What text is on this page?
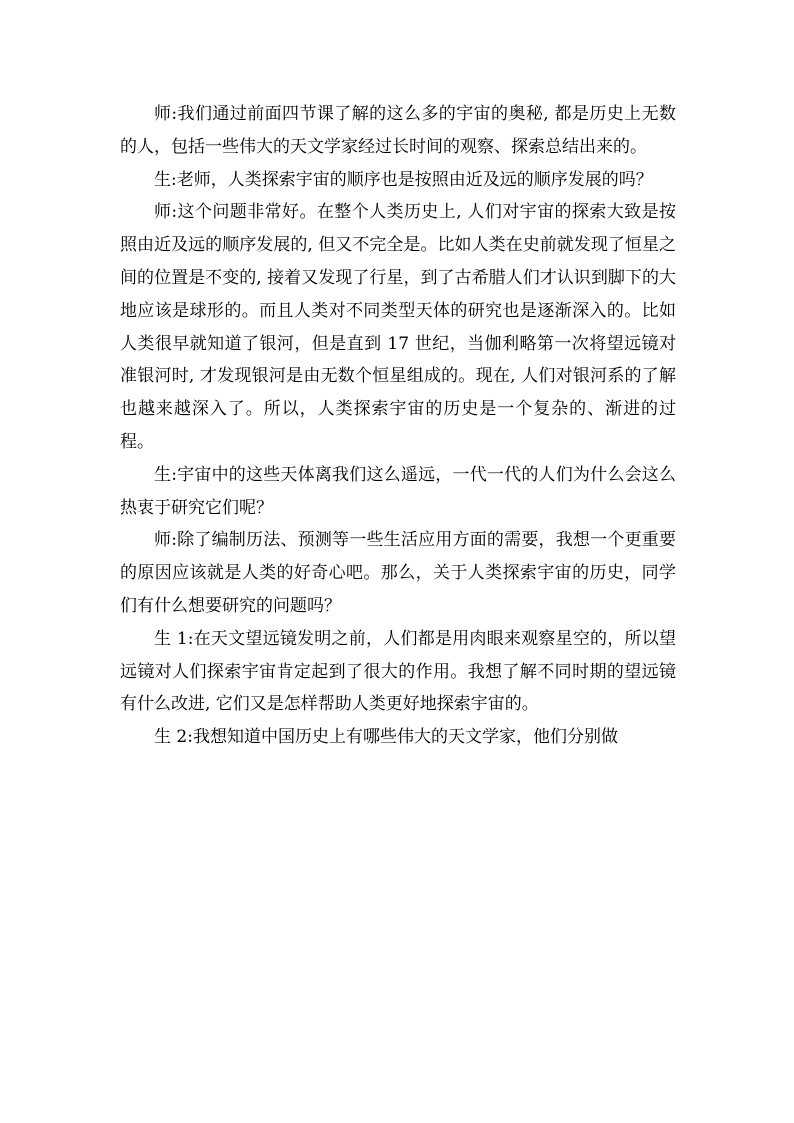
师:我们通过前面四节课了解的这么多的宇宙的奥秘, 都是历史上无数的人，包括一些伟大的天文学家经过长时间的观察、探索总结出来的。

生:老师，人类探索宇宙的顺序也是按照由近及远的顺序发展的吗？

师:这个问题非常好。在整个人类历史上, 人们对宇宙的探索大致是按照由近及远的顺序发展的, 但又不完全是。比如人类在史前就发现了恒星之间的位置是不变的, 接着又发现了行星，到了古希腊人们才认识到脚下的大地应该是球形的。而且人类对不同类型天体的研究也是逐渐深入的。比如人类很早就知道了银河，但是直到 17 世纪，当伽利略第一次将望远镜对准银河时, 才发现银河是由无数个恒星组成的。现在, 人们对银河系的了解也越来越深入了。所以，人类探索宇宙的历史是一个复杂的、渐进的过程。

生:宇宙中的这些天体离我们这么遥远，一代一代的人们为什么会这么热衷于研究它们呢？

师:除了编制历法、预测等一些生活应用方面的需要，我想一个更重要的原因应该就是人类的好奇心吧。那么，关于人类探索宇宙的历史，同学们有什么想要研究的问题吗？

生 1:在天文望远镜发明之前，人们都是用肉眼来观察星空的，所以望远镜对人们探索宇宙肯定起到了很大的作用。我想了解不同时期的望远镜有什么改进, 它们又是怎样帮助人类更好地探索宇宙的。

生 2:我想知道中国历史上有哪些伟大的天文学家，他们分别做
